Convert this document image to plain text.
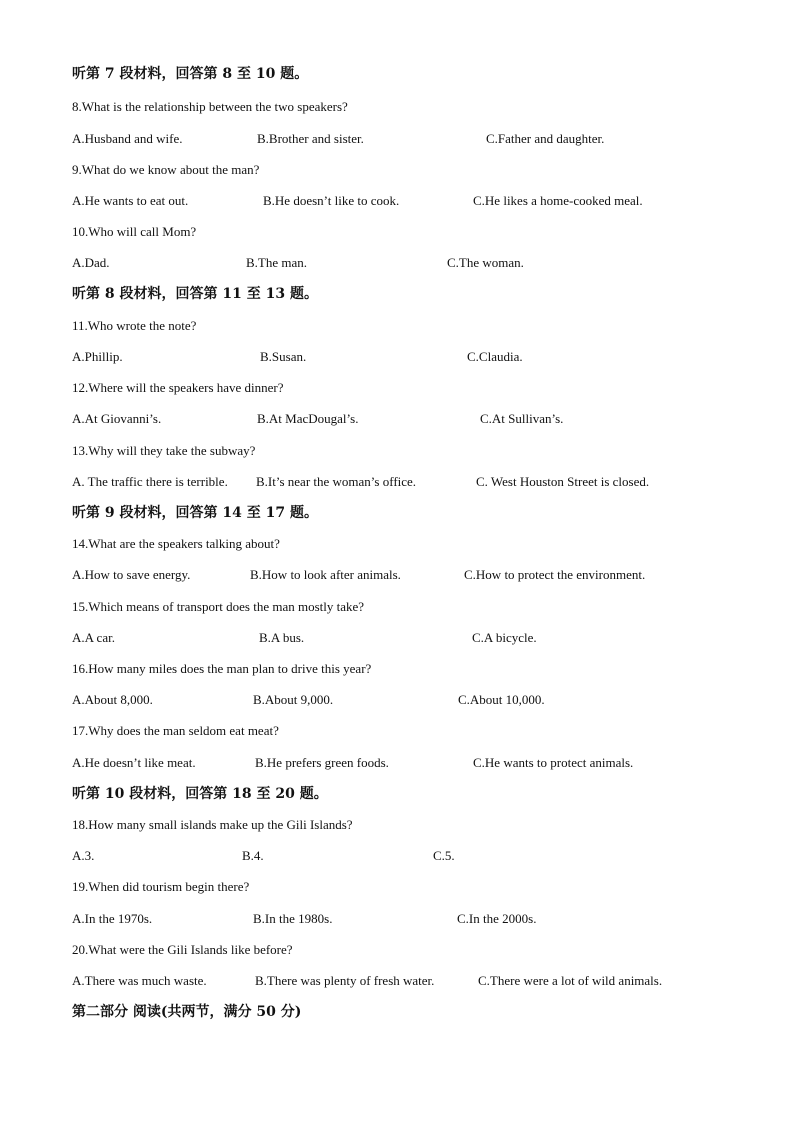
听第 7 段材料，回答第 8 至 10 题。
8.What is the relationship between the two speakers?
A.Husband and wife.	B.Brother and sister.	C.Father and daughter.
9.What do we know about the man?
A.He wants to eat out.	B.He doesn’t like to cook.	C.He likes a home-cooked meal.
10.Who will call Mom?
A.Dad.	B.The man.	C.The woman.
听第 8 段材料，回答第 11 至 13 题。
11.Who wrote the note?
A.Phillip.	B.Susan.	C.Claudia.
12.Where will the speakers have dinner?
A.At Giovanni’s.	B.At MacDougal’s.	C.At Sullivan’s.
13.Why will they take the subway?
A. The traffic there is terrible. B.It’s near the woman’s office.	C. West Houston Street is closed.
听第 9 段材料，回答第 14 至 17 题。
14.What are the speakers talking about?
A.How to save energy.	B.How to look after animals.	C.How to protect the environment.
15.Which means of transport does the man mostly take?
A.A car.	B.A bus.	C.A bicycle.
16.How many miles does the man plan to drive this year?
A.About 8,000.	B.About 9,000.	C.About 10,000.
17.Why does the man seldom eat meat?
A.He doesn’t like meat.	B.He prefers green foods.	C.He wants to protect animals.
听第 10 段材料，回答第 18 至 20 题。
18.How many small islands make up the Gili Islands?
A.3.	B.4.	C.5.
19.When did tourism begin there?
A.In the 1970s.	B.In the 1980s.	C.In the 2000s.
20.What were the Gili Islands like before?
A.There was much waste.	B.There was plenty of fresh water.	C.There were a lot of wild animals.
第二部分 阅读(共两节，满分 50 分)
